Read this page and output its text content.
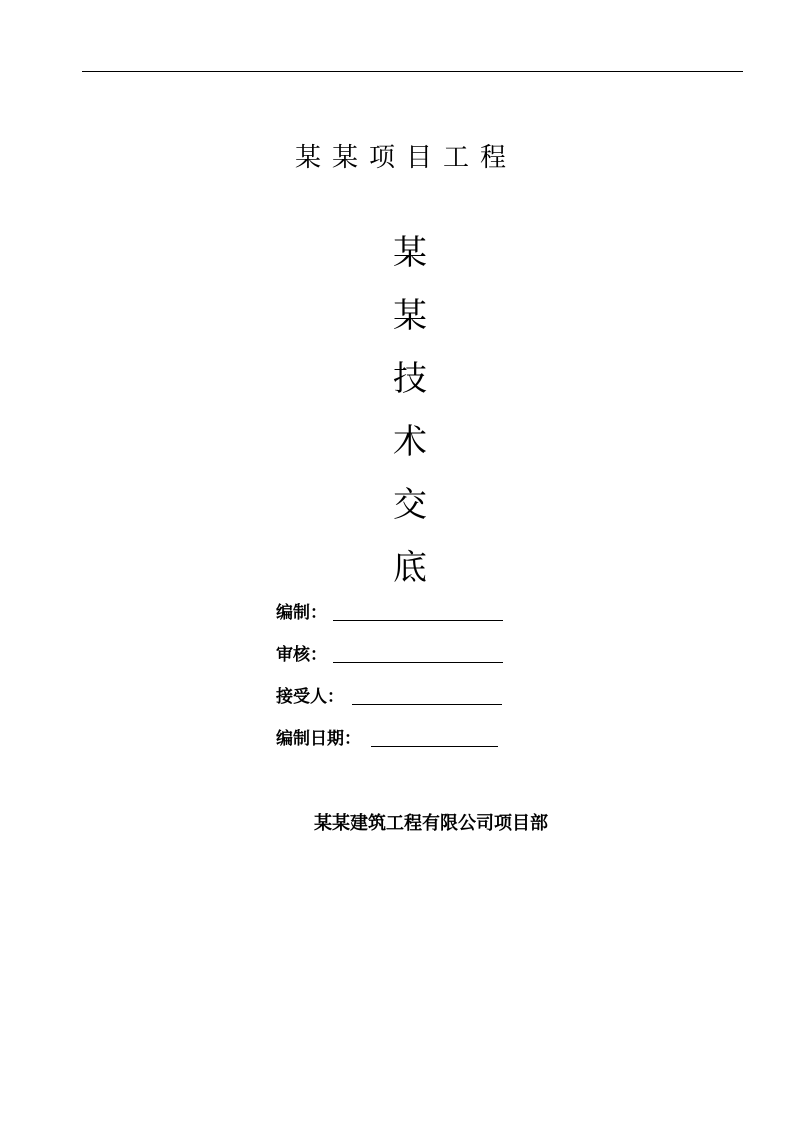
某某项目工程
某
某
技
术
交
底
编制：
审核：
接受人：
编制日期：
某某建筑工程有限公司项目部
